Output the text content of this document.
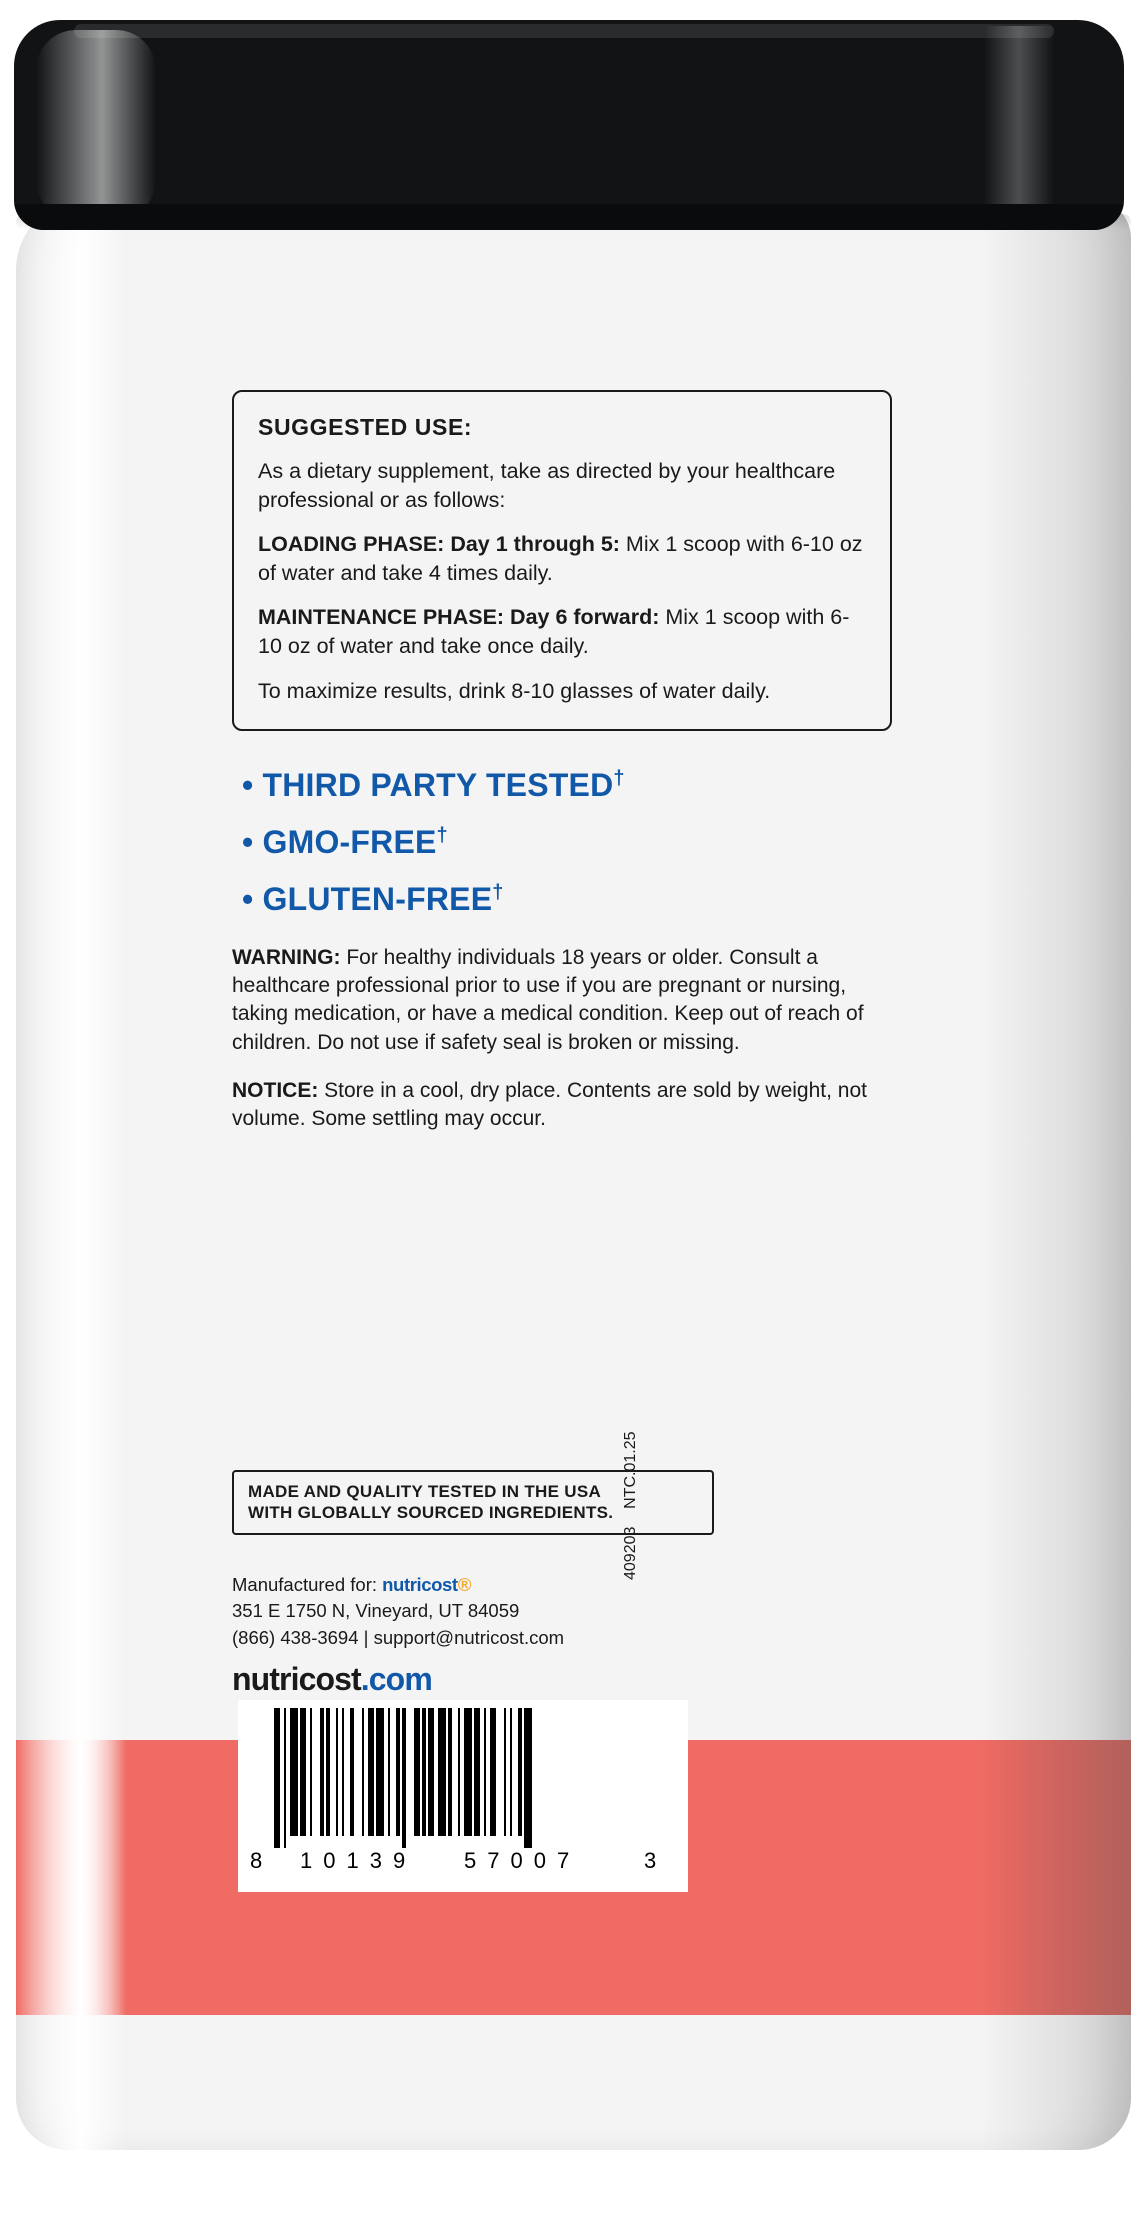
SUGGESTED USE:

As a dietary supplement, take as directed by your healthcare professional or as follows:

LOADING PHASE: Day 1 through 5: Mix 1 scoop with 6-10 oz of water and take 4 times daily.

MAINTENANCE PHASE: Day 6 forward: Mix 1 scoop with 6-10 oz of water and take once daily.

To maximize results, drink 8-10 glasses of water daily.

• THIRD PARTY TESTED†

• GMO-FREE†

• GLUTEN-FREE†

WARNING: For healthy individuals 18 years or older. Consult a healthcare professional prior to use if you are pregnant or nursing, taking medication, or have a medical condition. Keep out of reach of children. Do not use if safety seal is broken or missing.

NOTICE: Store in a cool, dry place. Contents are sold by weight, not volume. Some settling may occur.

MADE AND QUALITY TESTED IN THE USA
WITH GLOBALLY SOURCED INGREDIENTS.
Manufactured for: nutricost®
351 E 1750 N, Vineyard, UT 84059
(866) 438-3694 | support@nutricost.com
nutricost.com
409203    NTC.01.25
8 10139 57007	3
